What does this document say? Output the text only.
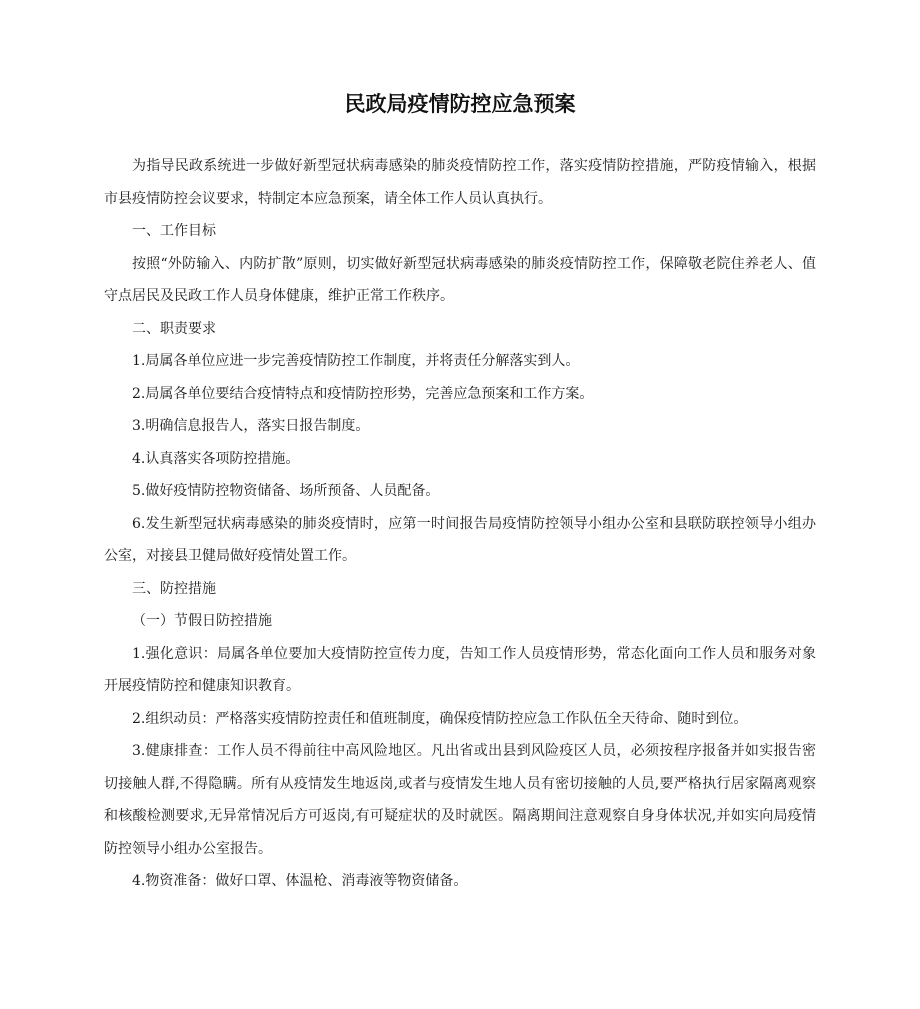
民政局疫情防控应急预案

为指导民政系统进一步做好新型冠状病毒感染的肺炎疫情防控工作，落实疫情防控措施，严防疫情输入，根据市县疫情防控会议要求，特制定本应急预案，请全体工作人员认真执行。

一、工作目标

按照“外防输入、内防扩散”原则，切实做好新型冠状病毒感染的肺炎疫情防控工作，保障敬老院住养老人、值守点居民及民政工作人员身体健康，维护正常工作秩序。

二、职责要求

1.局属各单位应进一步完善疫情防控工作制度，并将责任分解落实到人。

2.局属各单位要结合疫情特点和疫情防控形势，完善应急预案和工作方案。

3.明确信息报告人，落实日报告制度。

4.认真落实各项防控措施。

5.做好疫情防控物资储备、场所预备、人员配备。

6.发生新型冠状病毒感染的肺炎疫情时，应第一时间报告局疫情防控领导小组办公室和县联防联控领导小组办公室，对接县卫健局做好疫情处置工作。

三、防控措施

（一）节假日防控措施

1.强化意识：局属各单位要加大疫情防控宣传力度，告知工作人员疫情形势，常态化面向工作人员和服务对象开展疫情防控和健康知识教育。

2.组织动员：严格落实疫情防控责任和值班制度，确保疫情防控应急工作队伍全天待命、随时到位。

3.健康排查：工作人员不得前往中高风险地区。凡出省或出县到风险疫区人员，必须按程序报备并如实报告密切接触人群,不得隐瞒。所有从疫情发生地返岗,或者与疫情发生地人员有密切接触的人员,要严格执行居家隔离观察和核酸检测要求,无异常情况后方可返岗,有可疑症状的及时就医。隔离期间注意观察自身身体状况,并如实向局疫情防控领导小组办公室报告。

4.物资准备：做好口罩、体温枪、消毒液等物资储备。
